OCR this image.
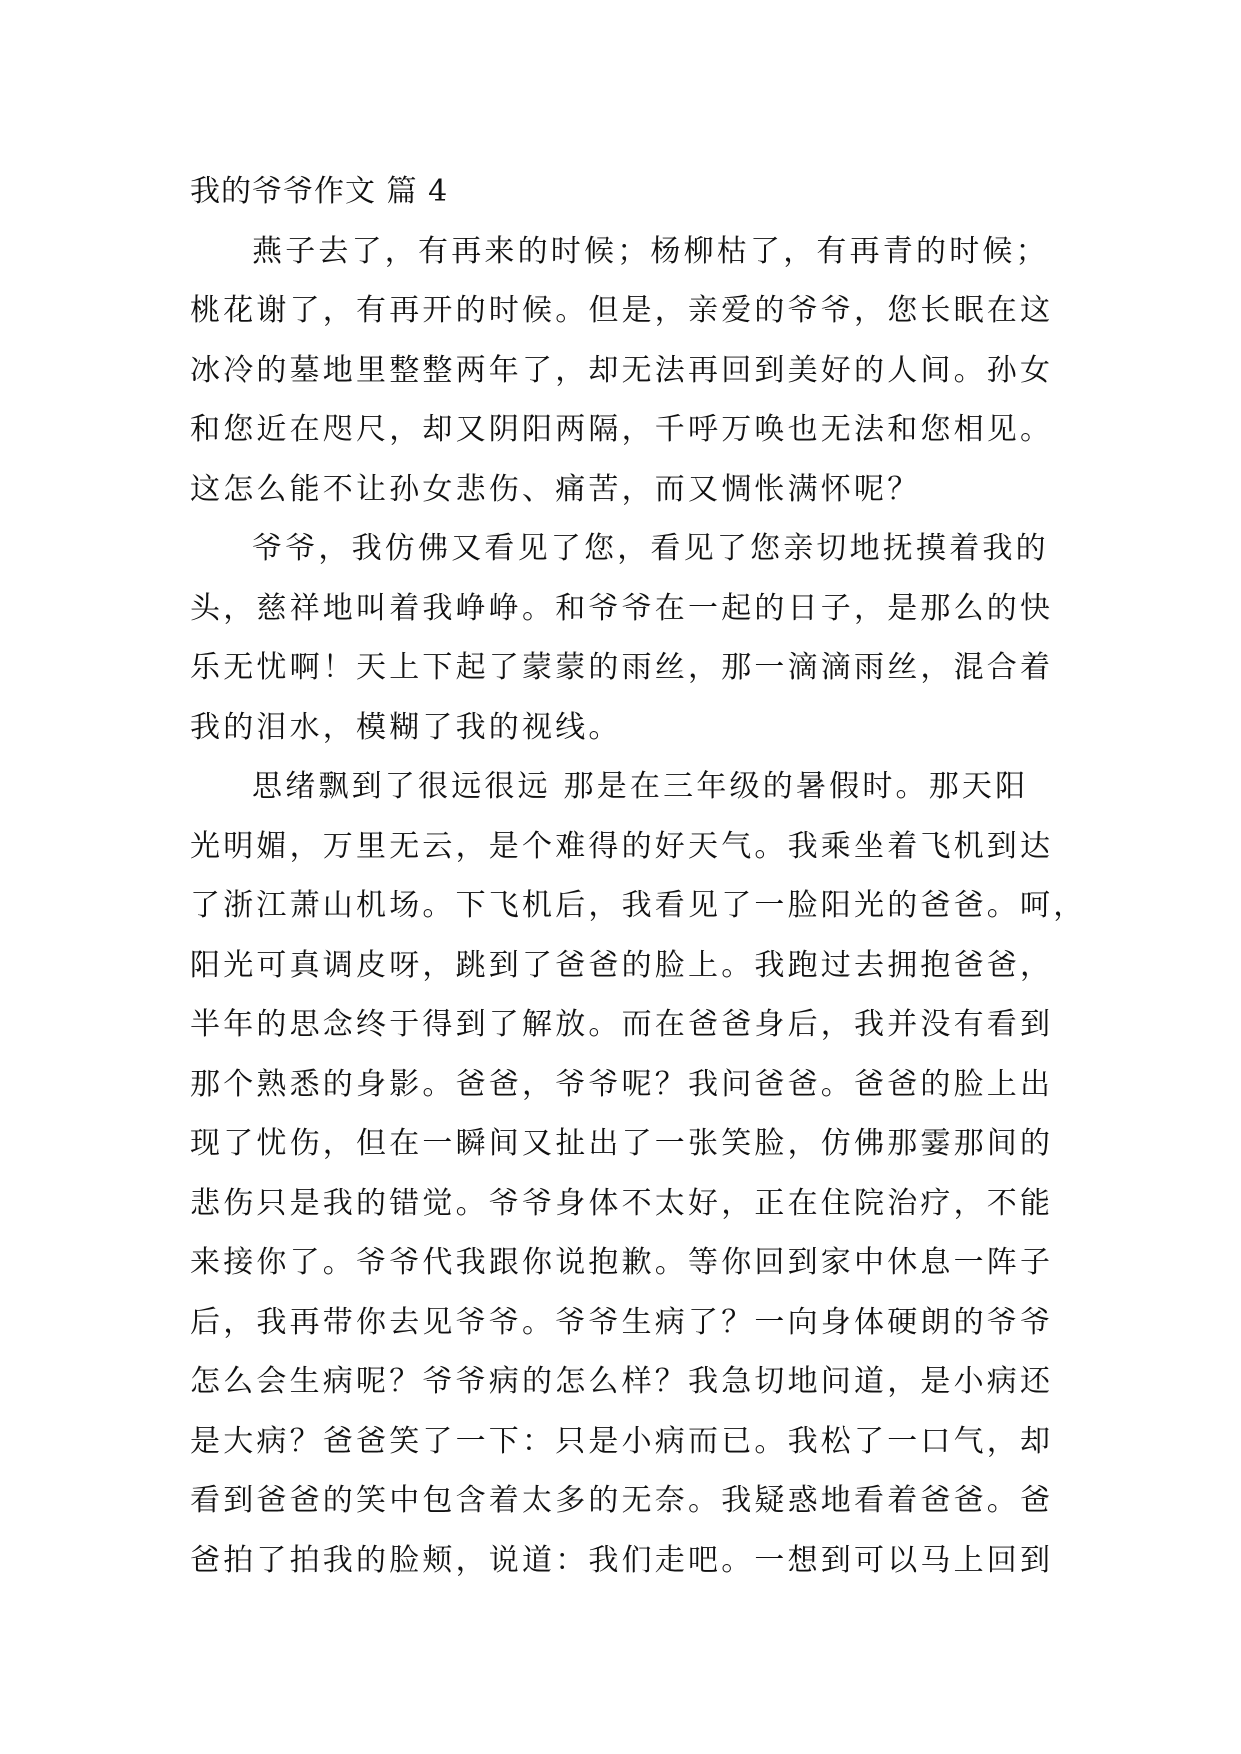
我的爷爷作文 篇 4
燕子去了，有再来的时候；杨柳枯了，有再青的时候；
桃花谢了，有再开的时候。但是，亲爱的爷爷，您长眠在这
冰冷的墓地里整整两年了，却无法再回到美好的人间。孙女
和您近在咫尺，却又阴阳两隔，千呼万唤也无法和您相见。
这怎么能不让孙女悲伤、痛苦，而又惆怅满怀呢？
爷爷，我仿佛又看见了您，看见了您亲切地抚摸着我的
头，慈祥地叫着我峥峥。和爷爷在一起的日子，是那么的快
乐无忧啊！天上下起了蒙蒙的雨丝，那一滴滴雨丝，混合着
我的泪水，模糊了我的视线。
思绪飘到了很远很远 那是在三年级的暑假时。那天阳
光明媚，万里无云，是个难得的好天气。我乘坐着飞机到达
了浙江萧山机场。下飞机后，我看见了一脸阳光的爸爸。呵，
阳光可真调皮呀，跳到了爸爸的脸上。我跑过去拥抱爸爸，
半年的思念终于得到了解放。而在爸爸身后，我并没有看到
那个熟悉的身影。爸爸，爷爷呢？我问爸爸。爸爸的脸上出
现了忧伤，但在一瞬间又扯出了一张笑脸，仿佛那霎那间的
悲伤只是我的错觉。爷爷身体不太好，正在住院治疗，不能
来接你了。爷爷代我跟你说抱歉。等你回到家中休息一阵子
后，我再带你去见爷爷。爷爷生病了？一向身体硬朗的爷爷
怎么会生病呢？爷爷病的怎么样？我急切地问道，是小病还
是大病？爸爸笑了一下：只是小病而已。我松了一口气，却
看到爸爸的笑中包含着太多的无奈。我疑惑地看着爸爸。爸
爸拍了拍我的脸颊，说道：我们走吧。一想到可以马上回到
